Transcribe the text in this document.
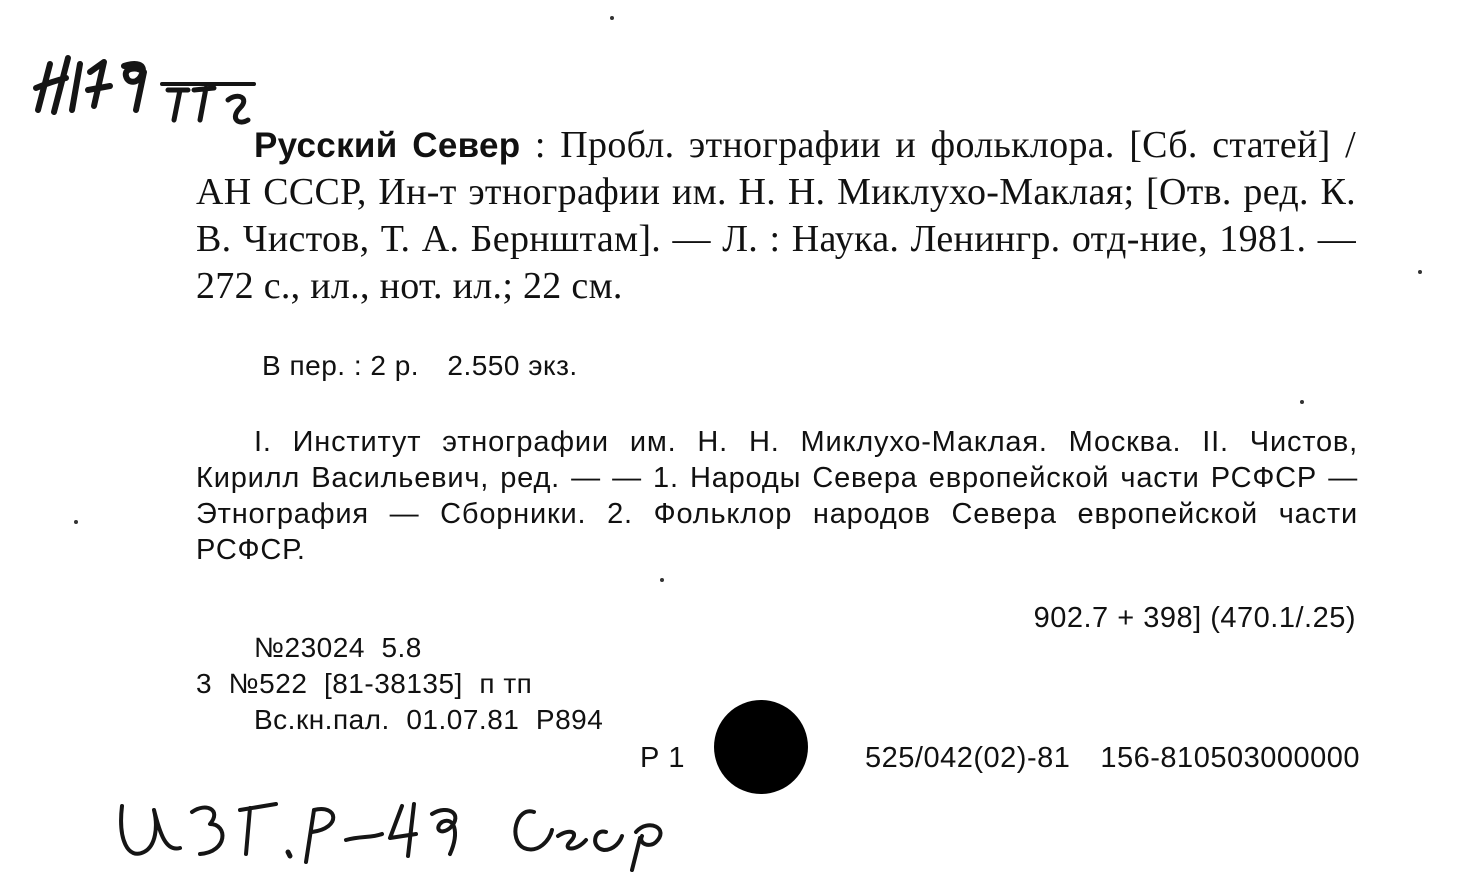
Русский Север : Пробл. этнографии и фольклора. [Сб. статей] / АН СССР, Ин-т этнографии им. Н. Н. Миклухо-Маклая; [Отв. ред. К. В. Чистов, Т. А. Бернштам]. — Л. : Наука. Ленингр. отд-ние, 1981. — 272 с., ил., нот. ил.; 22 см.
В пер. : 2 р. 2.550 экз.
I. Институт этнографии им. Н. Н. Миклухо-Маклая. Москва. II. Чистов, Кирилл Васильевич, ред. — — 1. Народы Севера европейской части РСФСР — Этнография — Сборники. 2. Фольклор народов Севера европейской части РСФСР.
902.7 + 398] (470.1/.25)
№23024  5.8
3  №522  [81-38135]  п тп
Вс.кн.пал.  01.07.81  Р894
Р 1	525/042(02)-81 156-810503000000
